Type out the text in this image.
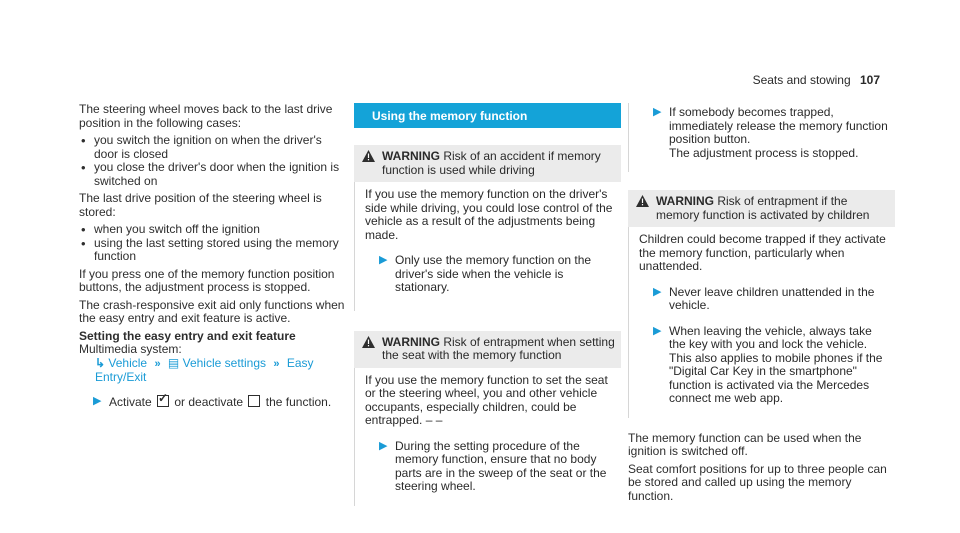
Seats and stowing 107

The steering wheel moves back to the last drive position in the following cases:

• you switch the ignition on when the driver's door is closed
• you close the driver's door when the ignition is switched on

The last drive position of the steering wheel is stored:

• when you switch off the ignition
• using the last setting stored using the memory function

If you press one of the memory function position buttons, the adjustment process is stopped.

The crash-responsive exit aid only functions when the easy entry and exit feature is active.

Setting the easy entry and exit feature
Multimedia system:
↳ Vehicle » ▤ Vehicle settings » Easy Entry/Exit
▶ Activate ✓ or deactivate the function.
Using the memory function
WARNING Risk of an accident if memory function is used while driving
If you use the memory function on the driver's side while driving, you could lose control of the vehicle as a result of the adjustments being made.
▶ Only use the memory function on the driver's side when the vehicle is stationary.
WARNING Risk of entrapment when setting the seat with the memory function
If you use the memory function to set the seat or the steering wheel, you and other vehicle occupants, especially children, could be entrapped. – –
▶ During the setting procedure of the memory function, ensure that no body parts are in the sweep of the seat or the steering wheel.
▶ If somebody becomes trapped, immediately release the memory function position button.
The adjustment process is stopped.
WARNING Risk of entrapment if the memory function is activated by children
Children could become trapped if they activate the memory function, particularly when unattended.
▶ Never leave children unattended in the vehicle.
▶ When leaving the vehicle, always take the key with you and lock the vehicle.
This also applies to mobile phones if the "Digital Car Key in the smartphone" function is activated via the Mercedes connect me web app.

The memory function can be used when the ignition is switched off.

Seat comfort positions for up to three people can be stored and called up using the memory function.
